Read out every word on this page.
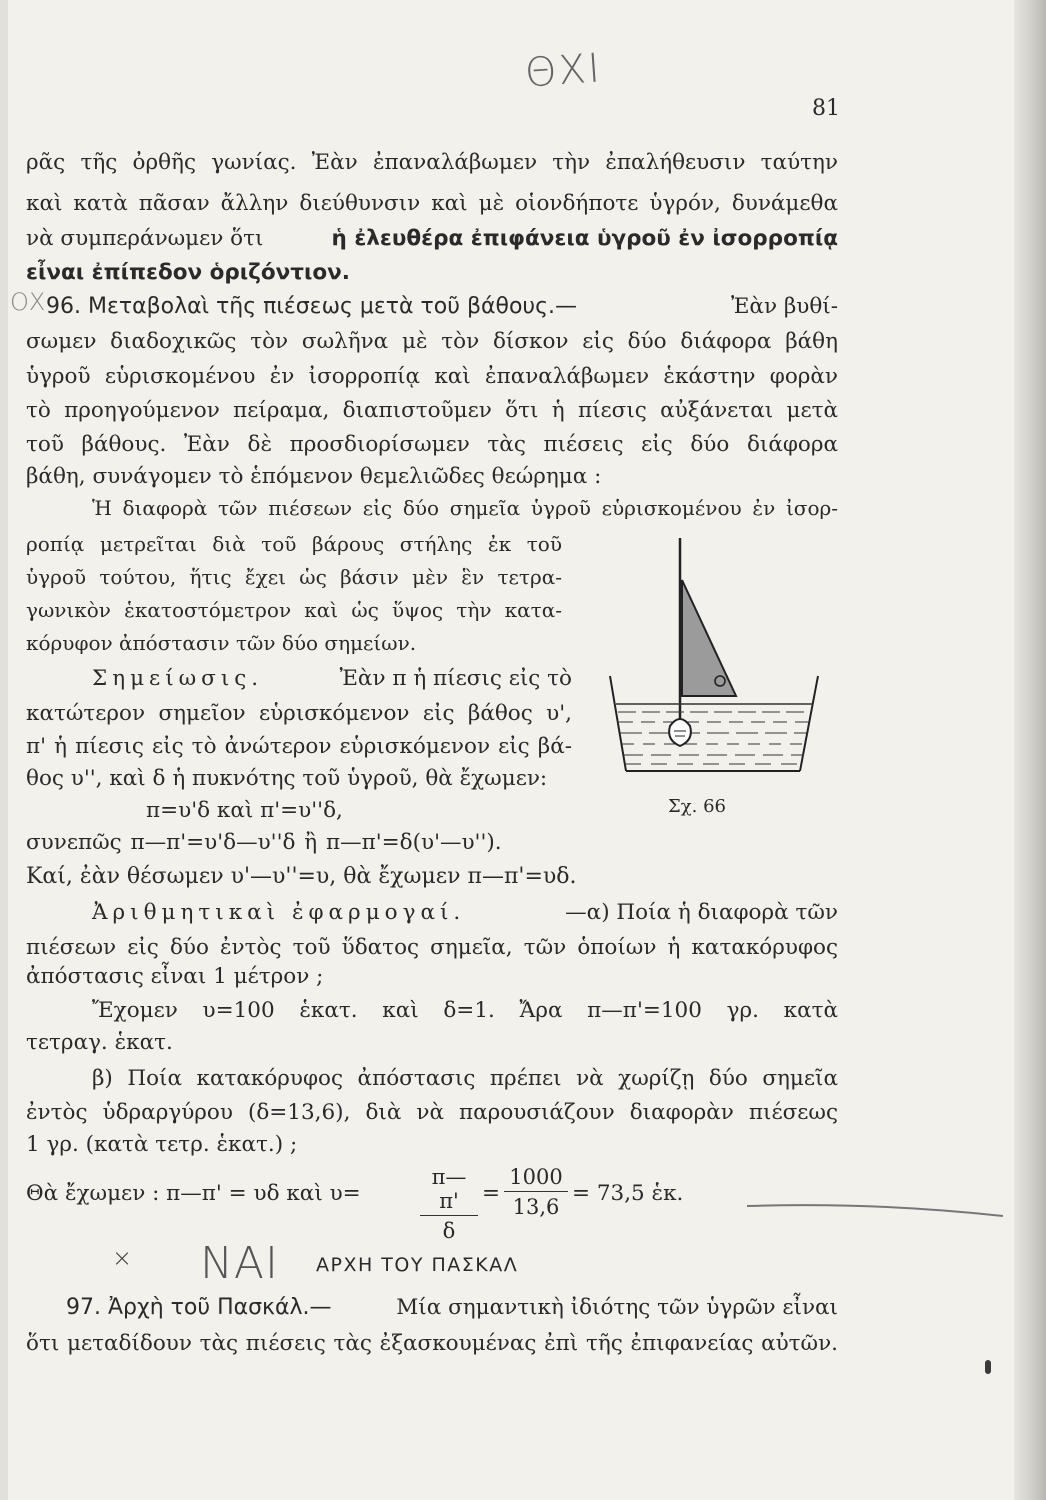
ΘΧΙ
81
ρᾶς τῆς ὀρθῆς γωνίας. Ἐὰν ἐπαναλάβωμεν τὴν ἐπαλήθευσιν ταύτην
καὶ κατὰ πᾶσαν ἄλλην διεύθυνσιν καὶ μὲ οἱονδήποτε ὑγρόν, δυνάμεθα
νὰ συμπεράνωμεν ὅτι	ἡ ἐλευθέρα ἐπιφάνεια ὑγροῦ ἐν ἰσορροπίᾳ
εἶναι ἐπίπεδον ὁριζόντιον.
ΟΧ 96. Μεταβολαὶ τῆς πιέσεως μετὰ τοῦ βάθους.—	Ἐὰν βυθί-
σωμεν διαδοχικῶς τὸν σωλῆνα μὲ τὸν δίσκον εἰς δύο διάφορα βάθη
ὑγροῦ εὑρισκομένου ἐν ἰσορροπίᾳ καὶ ἐπαναλάβωμεν ἑκάστην φορὰν
τὸ προηγούμενον πείραμα, διαπιστοῦμεν ὅτι ἡ πίεσις αὐξάνεται μετὰ
τοῦ βάθους. Ἐὰν δὲ προσδιορίσωμεν τὰς πιέσεις εἰς δύο διάφορα
βάθη, συνάγομεν τὸ ἑπόμενον θεμελιῶδες θεώρημα :
Ἡ διαφορὰ τῶν πιέσεων εἰς δύο σημεῖα ὑγροῦ εὑρισκομένου ἐν ἰσορ-
ροπίᾳ μετρεῖται διὰ τοῦ βάρους στήλης ἐκ τοῦ
ὑγροῦ τούτου, ἥτις ἔχει ὡς βάσιν μὲν ἓν τετρα-
γωνικὸν ἑκατοστόμετρον καὶ ὡς ὕψος τὴν κατα-
κόρυφον ἀπόστασιν τῶν δύο σημείων.
Σημείωσις.	Ἐὰν π ἡ πίεσις εἰς τὸ
κατώτερον σημεῖον εὑρισκόμενον εἰς βάθος υ',
π' ἡ πίεσις εἰς τὸ ἀνώτερον εὑρισκόμενον εἰς βά-
θος υ'', καὶ δ ἡ πυκνότης τοῦ ὑγροῦ, θὰ ἔχωμεν:
π=υ'δ καὶ π'=υ''δ,	Σχ. 66
συνεπῶς π—π'=υ'δ—υ''δ ἢ π—π'=δ(υ'—υ'').
Καί, ἐὰν θέσωμεν υ'—υ''=υ, θὰ ἔχωμεν π—π'=υδ.
Ἀριθμητικαὶ ἐφαρμογαί.	—α) Ποία ἡ διαφορὰ τῶν
πιέσεων εἰς δύο ἐντὸς τοῦ ὕδατος σημεῖα, τῶν ὁποίων ἡ κατακόρυφος
ἀπόστασις εἶναι 1 μέτρον ;
Ἔχομεν υ=100 ἑκατ. καὶ δ=1. Ἄρα π—π'=100 γρ. κατὰ
τετραγ. ἑκατ.
β) Ποία κατακόρυφος ἀπόστασις πρέπει νὰ χωρίζῃ δύο σημεῖα
ἐντὸς ὑδραργύρου (δ=13,6), διὰ νὰ παρουσιάζουν διαφορὰν πιέσεως
1 γρ. (κατὰ τετρ. ἑκατ.) ;
Θὰ ἔχωμεν : π—π' = υδ καὶ υ=	$\frac{\pi—\pi'}{\delta} = \frac{1000}{13,6} = 73,5$ ἑκ.
× ΝΑΙ ΑΡΧΗ ΤΟΥ ΠΑΣΚΑΛ
97. Ἀρχὴ τοῦ Πασκάλ.—	Μία σημαντικὴ ἰδιότης τῶν ὑγρῶν εἶναι
ὅτι μεταδίδουν τὰς πιέσεις τὰς ἐξασκουμένας ἐπὶ τῆς ἐπιφανείας αὐτῶν.
